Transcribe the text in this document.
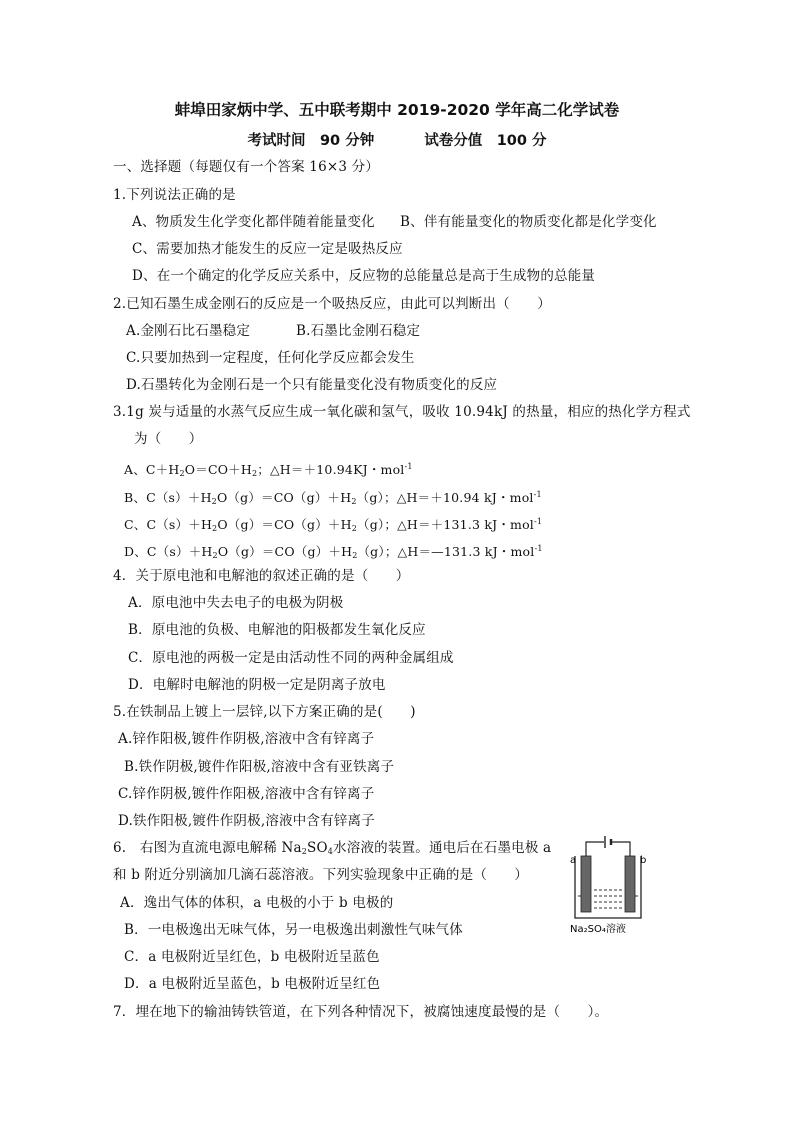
蚌埠田家炳中学、五中联考期中 2019-2020 学年高二化学试卷
考试时间　90 分钟	试卷分值　100 分
一、选择题（每题仅有一个答案 16×3 分）
1.下列说法正确的是
A、物质发生化学变化都伴随着能量变化 B、伴有能量变化的物质变化都是化学变化
C、需要加热才能发生的反应一定是吸热反应
D、在一个确定的化学反应关系中，反应物的总能量总是高于生成物的总能量
2.已知石墨生成金刚石的反应是一个吸热反应，由此可以判断出（　　）
A.金刚石比石墨稳定	B.石墨比金刚石稳定
C.只要加热到一定程度，任何化学反应都会发生
D.石墨转化为金刚石是一个只有能量变化没有物质变化的反应
3.1g 炭与适量的水蒸气反应生成一氧化碳和氢气，吸收 10.94kJ 的热量，相应的热化学方程式
为（　　）
A、$C+H_2O=CO+H_2$；△H＝＋10.94KJ・mol$^{-1}$
B、$C(s)+H_2O(g)=CO(g)+H_2(g)$；△H＝＋10.94 kJ・mol$^{-1}$
C、$C(s)+H_2O(g)=CO(g)+H_2(g)$；△H＝＋131.3 kJ・mol$^{-1}$
D、$C(s)+H_2O(g)=CO(g)+H_2(g)$；△H＝—131.3 kJ・mol$^{-1}$
4．关于原电池和电解池的叙述正确的是（　　）
A．原电池中失去电子的电极为阴极
B．原电池的负极、电解池的阳极都发生氧化反应
C．原电池的两极一定是由活动性不同的两种金属组成
D．电解时电解池的阴极一定是阴离子放电
5.在铁制品上镀上一层锌,以下方案正确的是(　　)
A.锌作阳极,镀件作阴极,溶液中含有锌离子
B.铁作阴极,镀件作阳极,溶液中含有亚铁离子
C.锌作阴极,镀件作阳极,溶液中含有锌离子
D.铁作阳极,镀件作阴极,溶液中含有锌离子
6.　右图为直流电源电解稀 $Na_2SO_4$水溶液的装置。通电后在石墨电极 a
和 b 附近分别滴加几滴石蕊溶液。下列实验现象中正确的是（　　）
A．逸出气体的体积，a 电极的小于 b 电极的
B．一电极逸出无味气体，另一电极逸出刺激性气味气体
C．a 电极附近呈红色，b 电极附近呈蓝色
D．a 电极附近呈蓝色，b 电极附近呈红色
a	b
Na₂SO₄溶液
7．埋在地下的输油铸铁管道，在下列各种情况下，被腐蚀速度最慢的是（　　）。
